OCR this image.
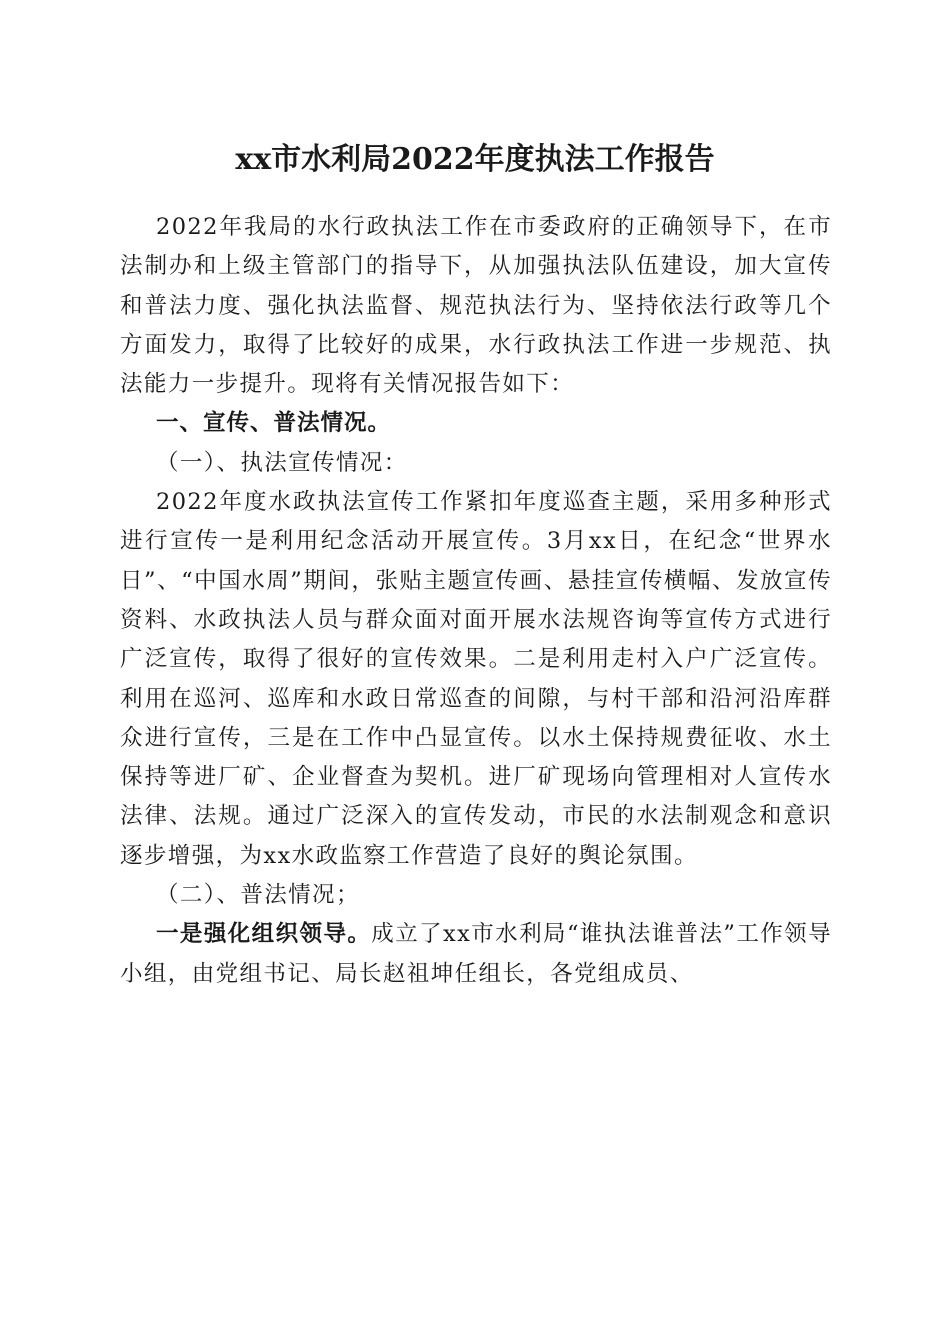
xx市水利局2022年度执法工作报告

2022年我局的水行政执法工作在市委政府的正确领导下，在市法制办和上级主管部门的指导下，从加强执法队伍建设，加大宣传和普法力度、强化执法监督、规范执法行为、坚持依法行政等几个方面发力，取得了比较好的成果，水行政执法工作进一步规范、执法能力一步提升。现将有关情况报告如下：

一、宣传、普法情况。

（一）、执法宣传情况：

2022年度水政执法宣传工作紧扣年度巡查主题，采用多种形式进行宣传一是利用纪念活动开展宣传。3月xx日，在纪念“世界水日”、“中国水周”期间，张贴主题宣传画、悬挂宣传横幅、发放宣传资料、水政执法人员与群众面对面开展水法规咨询等宣传方式进行广泛宣传，取得了很好的宣传效果。二是利用走村入户广泛宣传。利用在巡河、巡库和水政日常巡查的间隙，与村干部和沿河沿库群众进行宣传，三是在工作中凸显宣传。以水土保持规费征收、水土保持等进厂矿、企业督查为契机。进厂矿现场向管理相对人宣传水法律、法规。通过广泛深入的宣传发动，市民的水法制观念和意识逐步增强，为xx水政监察工作营造了良好的舆论氛围。

（二）、普法情况；

一是强化组织领导。成立了xx市水利局“谁执法谁普法”工作领导小组，由党组书记、局长赵祖坤任组长，各党组成员、
